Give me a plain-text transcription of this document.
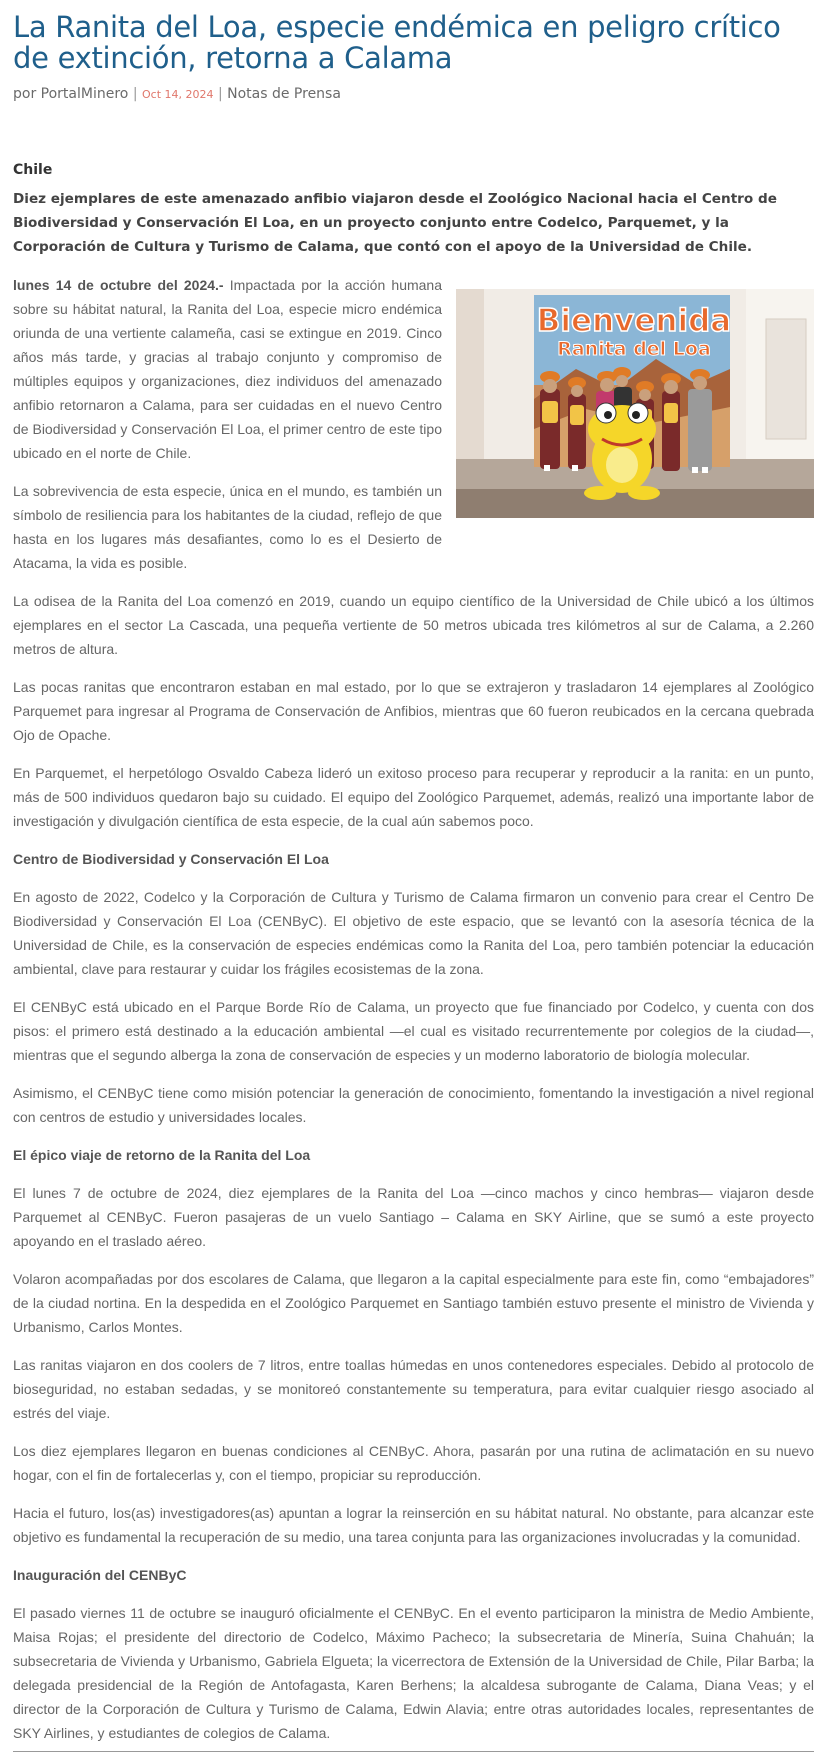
La Ranita del Loa, especie endémica en peligro crítico de extinción, retorna a Calama
por PortalMinero | Oct 14, 2024 | Notas de Prensa
Chile

Diez ejemplares de este amenazado anfibio viajaron desde el Zoológico Nacional hacia el Centro de Biodiversidad y Conservación El Loa, en un proyecto conjunto entre Codelco, Parquemet, y la Corporación de Cultura y Turismo de Calama, que contó con el apoyo de la Universidad de Chile.

Bienvenida
Ranita del Loa

lunes 14 de octubre del 2024.- Impactada por la acción humana sobre su hábitat natural, la Ranita del Loa, especie micro endémica oriunda de una vertiente calameña, casi se extingue en 2019. Cinco años más tarde, y gracias al trabajo conjunto y compromiso de múltiples equipos y organizaciones, diez individuos del amenazado anfibio retornaron a Calama, para ser cuidadas en el nuevo Centro de Biodiversidad y Conservación El Loa, el primer centro de este tipo ubicado en el norte de Chile.

La sobrevivencia de esta especie, única en el mundo, es también un símbolo de resiliencia para los habitantes de la ciudad, reflejo de que hasta en los lugares más desafiantes, como lo es el Desierto de Atacama, la vida es posible.

La odisea de la Ranita del Loa comenzó en 2019, cuando un equipo científico de la Universidad de Chile ubicó a los últimos ejemplares en el sector La Cascada, una pequeña vertiente de 50 metros ubicada tres kilómetros al sur de Calama, a 2.260 metros de altura.

Las pocas ranitas que encontraron estaban en mal estado, por lo que se extrajeron y trasladaron 14 ejemplares al Zoológico Parquemet para ingresar al Programa de Conservación de Anfibios, mientras que 60 fueron reubicados en la cercana quebrada Ojo de Opache.

En Parquemet, el herpetólogo Osvaldo Cabeza lideró un exitoso proceso para recuperar y reproducir a la ranita: en un punto, más de 500 individuos quedaron bajo su cuidado. El equipo del Zoológico Parquemet, además, realizó una importante labor de investigación y divulgación científica de esta especie, de la cual aún sabemos poco.

Centro de Biodiversidad y Conservación El Loa

En agosto de 2022, Codelco y la Corporación de Cultura y Turismo de Calama firmaron un convenio para crear el Centro De Biodiversidad y Conservación El Loa (CENByC). El objetivo de este espacio, que se levantó con la asesoría técnica de la Universidad de Chile, es la conservación de especies endémicas como la Ranita del Loa, pero también potenciar la educación ambiental, clave para restaurar y cuidar los frágiles ecosistemas de la zona.

El CENByC está ubicado en el Parque Borde Río de Calama, un proyecto que fue financiado por Codelco, y cuenta con dos pisos: el primero está destinado a la educación ambiental —el cual es visitado recurrentemente por colegios de la ciudad—, mientras que el segundo alberga la zona de conservación de especies y un moderno laboratorio de biología molecular.

Asimismo, el CENByC tiene como misión potenciar la generación de conocimiento, fomentando la investigación a nivel regional con centros de estudio y universidades locales.

El épico viaje de retorno de la Ranita del Loa

El lunes 7 de octubre de 2024, diez ejemplares de la Ranita del Loa —cinco machos y cinco hembras— viajaron desde Parquemet al CENByC. Fueron pasajeras de un vuelo Santiago – Calama en SKY Airline, que se sumó a este proyecto apoyando en el traslado aéreo.

Volaron acompañadas por dos escolares de Calama, que llegaron a la capital especialmente para este fin, como “embajadores” de la ciudad nortina. En la despedida en el Zoológico Parquemet en Santiago también estuvo presente el ministro de Vivienda y Urbanismo, Carlos Montes.

Las ranitas viajaron en dos coolers de 7 litros, entre toallas húmedas en unos contenedores especiales. Debido al protocolo de bioseguridad, no estaban sedadas, y se monitoreó constantemente su temperatura, para evitar cualquier riesgo asociado al estrés del viaje.

Los diez ejemplares llegaron en buenas condiciones al CENByC. Ahora, pasarán por una rutina de aclimatación en su nuevo hogar, con el fin de fortalecerlas y, con el tiempo, propiciar su reproducción.

Hacia el futuro, los(as) investigadores(as) apuntan a lograr la reinserción en su hábitat natural. No obstante, para alcanzar este objetivo es fundamental la recuperación de su medio, una tarea conjunta para las organizaciones involucradas y la comunidad.

Inauguración del CENByC

El pasado viernes 11 de octubre se inauguró oficialmente el CENByC. En el evento participaron la ministra de Medio Ambiente, Maisa Rojas; el presidente del directorio de Codelco, Máximo Pacheco; la subsecretaria de Minería, Suina Chahuán; la subsecretaria de Vivienda y Urbanismo, Gabriela Elgueta; la vicerrectora de Extensión de la Universidad de Chile, Pilar Barba; la delegada presidencial de la Región de Antofagasta, Karen Berhens; la alcaldesa subrogante de Calama, Diana Veas; y el director de la Corporación de Cultura y Turismo de Calama, Edwin Alavia; entre otras autoridades locales, representantes de SKY Airlines, y estudiantes de colegios de Calama.
